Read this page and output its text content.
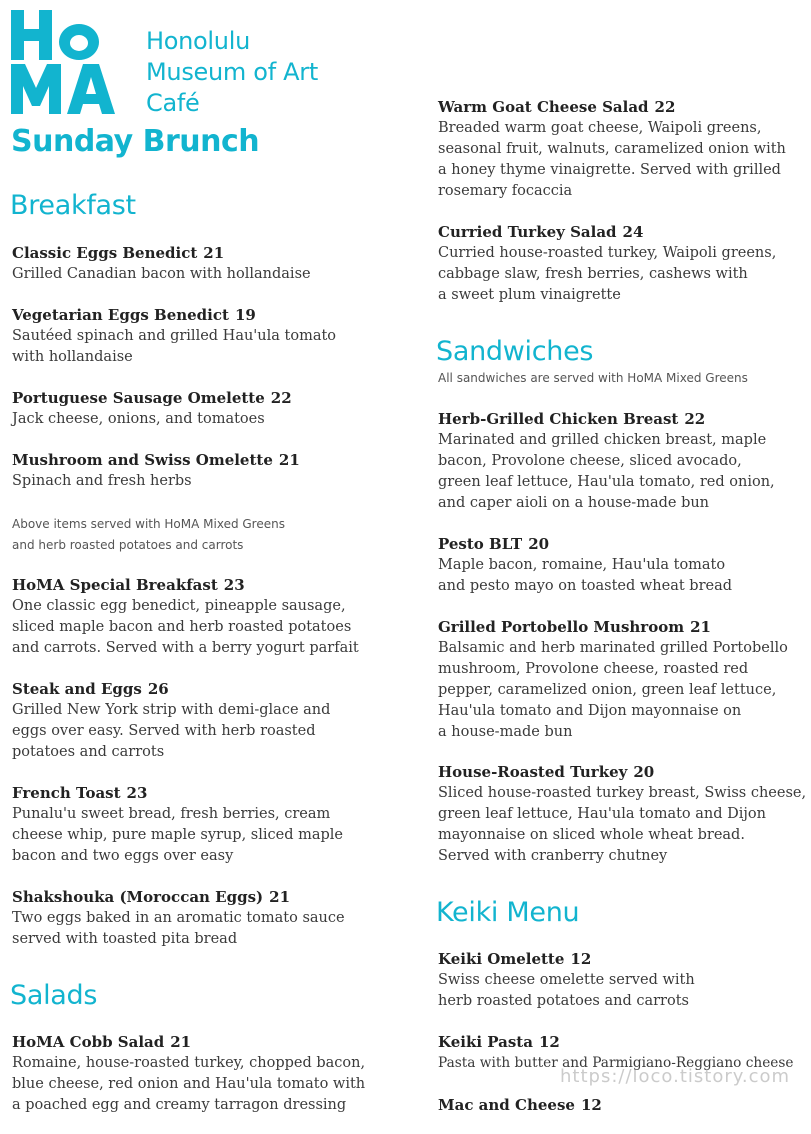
Honolulu
Museum of Art
Café
Sunday Brunch
Breakfast
Classic Eggs Benedict 21
Grilled Canadian bacon with hollandaise
Vegetarian Eggs Benedict 19
Sautéed spinach and grilled Hau'ula tomato
with hollandaise
Portuguese Sausage Omelette 22
Jack cheese, onions, and tomatoes
Mushroom and Swiss Omelette 21
Spinach and fresh herbs
Above items served with HoMA Mixed Greens
and herb roasted potatoes and carrots
HoMA Special Breakfast 23
One classic egg benedict, pineapple sausage,
sliced maple bacon and herb roasted potatoes
and carrots. Served with a berry yogurt parfait
Steak and Eggs 26
Grilled New York strip with demi-glace and
eggs over easy. Served with herb roasted
potatoes and carrots
French Toast 23
Punalu'u sweet bread, fresh berries, cream
cheese whip, pure maple syrup, sliced maple
bacon and two eggs over easy
Shakshouka (Moroccan Eggs) 21
Two eggs baked in an aromatic tomato sauce
served with toasted pita bread
Salads
HoMA Cobb Salad 21
Romaine, house-roasted turkey, chopped bacon,
blue cheese, red onion and Hau'ula tomato with
a poached egg and creamy tarragon dressing
Warm Goat Cheese Salad 22
Breaded warm goat cheese, Waipoli greens,
seasonal fruit, walnuts, caramelized onion with
a honey thyme vinaigrette. Served with grilled
rosemary focaccia
Curried Turkey Salad 24
Curried house-roasted turkey, Waipoli greens,
cabbage slaw, fresh berries, cashews with
a sweet plum vinaigrette
Sandwiches
All sandwiches are served with HoMA Mixed Greens
Herb-Grilled Chicken Breast 22
Marinated and grilled chicken breast, maple
bacon, Provolone cheese, sliced avocado,
green leaf lettuce, Hau'ula tomato, red onion,
and caper aioli on a house-made bun
Pesto BLT 20
Maple bacon, romaine, Hau'ula tomato
and pesto mayo on toasted wheat bread
Grilled Portobello Mushroom 21
Balsamic and herb marinated grilled Portobello
mushroom, Provolone cheese, roasted red
pepper, caramelized onion, green leaf lettuce,
Hau'ula tomato and Dijon mayonnaise on
a house-made bun
House-Roasted Turkey 20
Sliced house-roasted turkey breast, Swiss cheese,
green leaf lettuce, Hau'ula tomato and Dijon
mayonnaise on sliced whole wheat bread.
Served with cranberry chutney
Keiki Menu
Keiki Omelette 12
Swiss cheese omelette served with
herb roasted potatoes and carrots
Keiki Pasta 12
Pasta with butter and Parmigiano-Reggiano cheese
Mac and Cheese 12
https://loco.tistory.com
